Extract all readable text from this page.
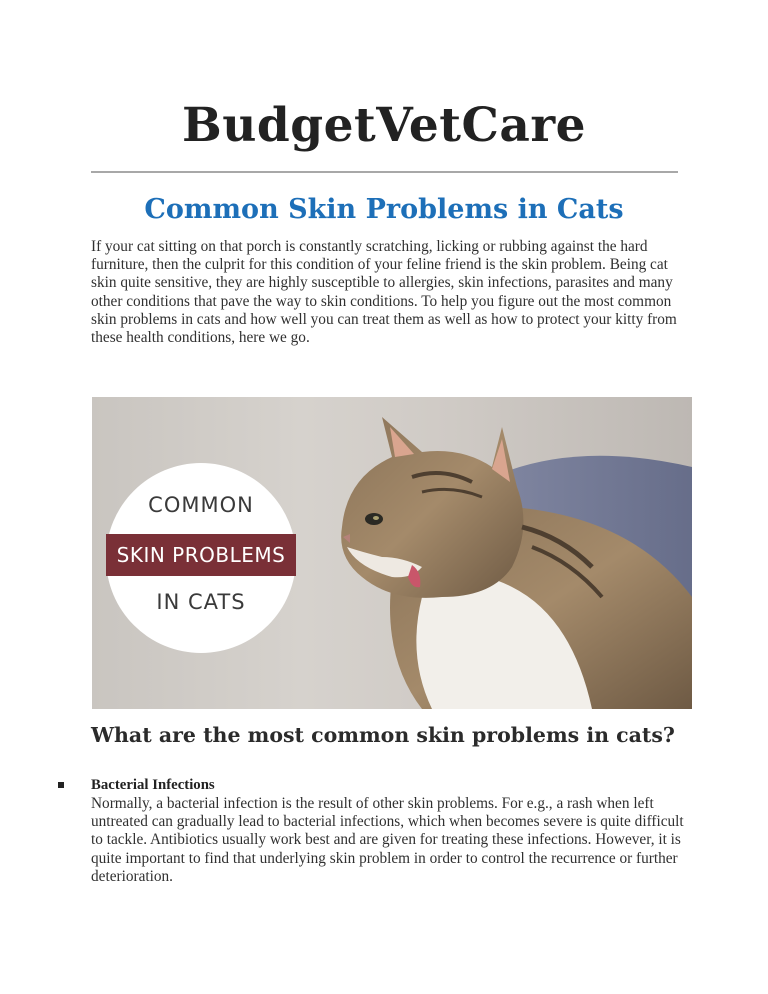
BudgetVetCare
Common Skin Problems in Cats

If your cat sitting on that porch is constantly scratching, licking or rubbing against the hard furniture, then the culprit for this condition of your feline friend is the skin problem. Being cat skin quite sensitive, they are highly susceptible to allergies, skin infections, parasites and many other conditions that pave the way to skin conditions. To help you figure out the most common skin problems in cats and how well you can treat them as well as how to protect your kitty from these health conditions, here we go.

COMMON
SKIN PROBLEMS
IN CATS
What are the most common skin problems in cats?
Bacterial Infections

Normally, a bacterial infection is the result of other skin problems. For e.g., a rash when left untreated can gradually lead to bacterial infections, which when becomes severe is quite difficult to tackle. Antibiotics usually work best and are given for treating these infections. However, it is quite important to find that underlying skin problem in order to control the recurrence or further deterioration.
